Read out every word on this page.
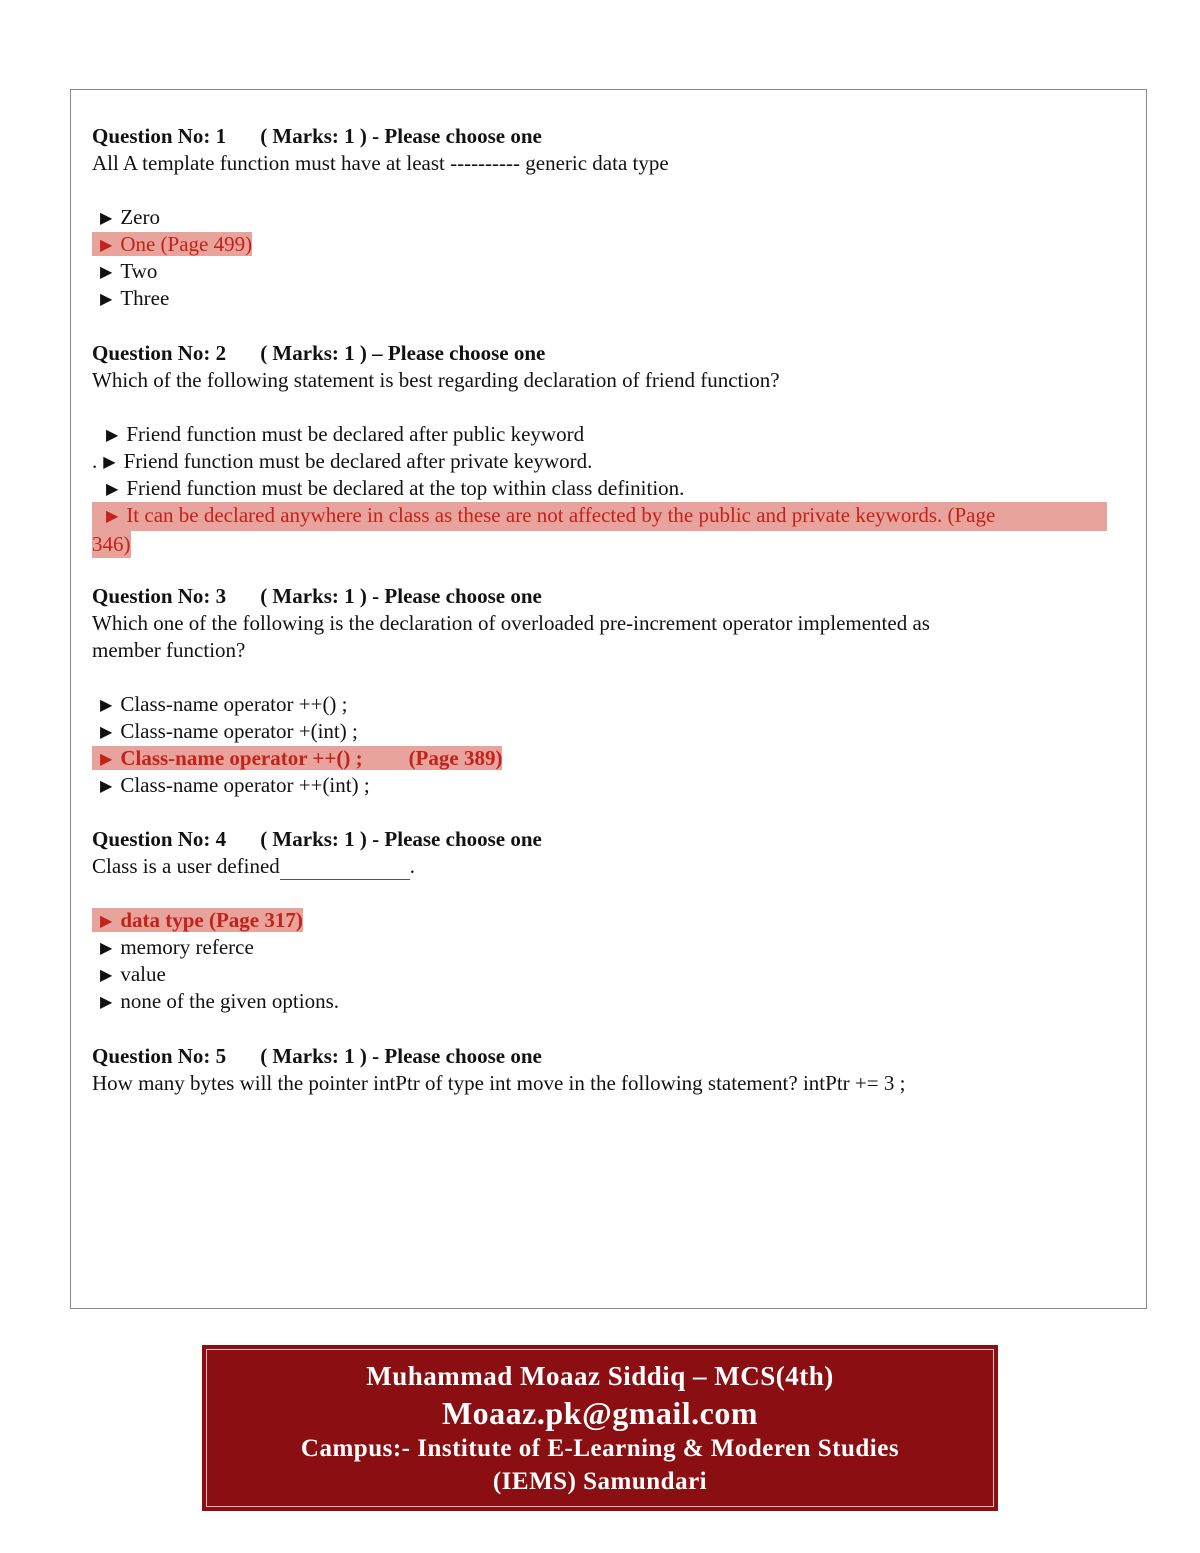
Question No: 1 ( Marks: 1 ) - Please choose one
All A template function must have at least ---------- generic data type
▶ Zero
▶ One (Page 499)
▶ Two
▶ Three
Question No: 2 ( Marks: 1 ) – Please choose one
Which of the following statement is best regarding declaration of friend function?
▶ Friend function must be declared after public keyword
. ▶ Friend function must be declared after private keyword.
▶ Friend function must be declared at the top within class definition.
▶ It can be declared anywhere in class as these are not affected by the public and private keywords. (Page
346)
Question No: 3 ( Marks: 1 ) - Please choose one
Which one of the following is the declaration of overloaded pre-increment operator implemented as
member function?
▶ Class-name operator ++() ;
▶ Class-name operator +(int) ;
▶ Class-name operator ++() ; (Page 389)
▶ Class-name operator ++(int) ;
Question No: 4 ( Marks: 1 ) - Please choose one
Class is a user defined	.
▶ data type (Page 317)
▶ memory referce
▶ value
▶ none of the given options.
Question No: 5 ( Marks: 1 ) - Please choose one
How many bytes will the pointer intPtr of type int move in the following statement? intPtr += 3 ;
Muhammad Moaaz Siddiq – MCS(4th)
Moaaz.pk@gmail.com
Campus:- Institute of E-Learning & Moderen Studies
(IEMS) Samundari
